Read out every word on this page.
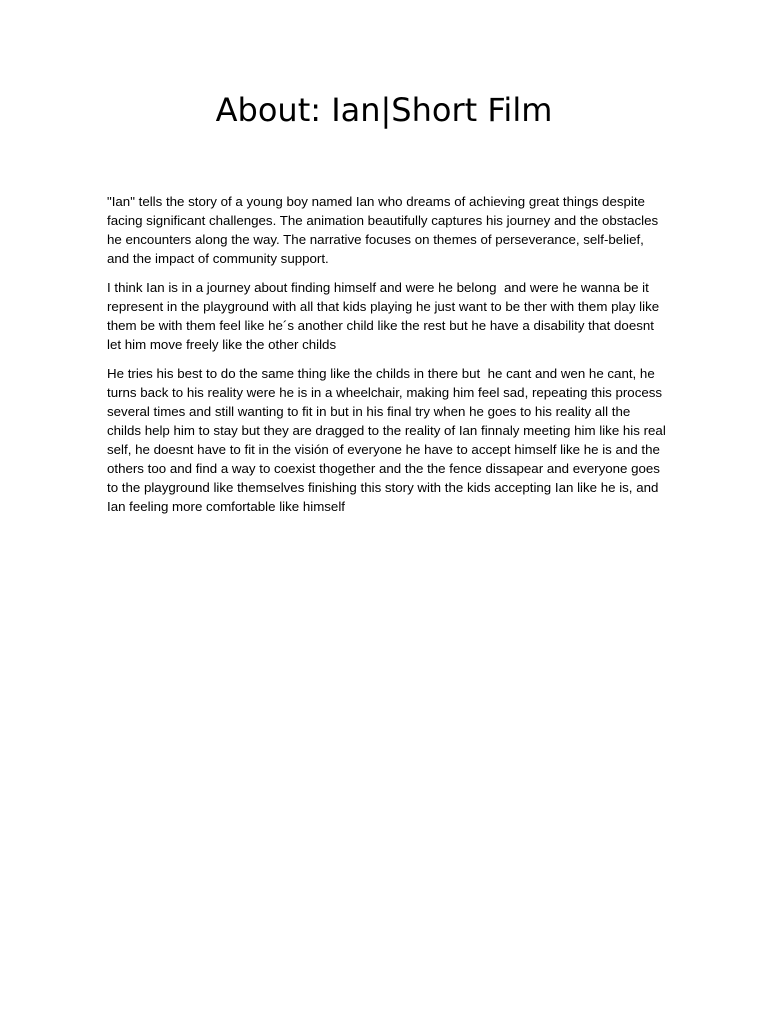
About: Ian|Short Film

"Ian" tells the story of a young boy named Ian who dreams of achieving great things despite facing significant challenges. The animation beautifully captures his journey and the obstacles he encounters along the way. The narrative focuses on themes of perseverance, self-belief, and the impact of community support.

I think Ian is in a journey about finding himself and were he belong  and were he wanna be it represent in the playground with all that kids playing he just want to be ther with them play like them be with them feel like he´s another child like the rest but he have a disability that doesnt let him move freely like the other childs

He tries his best to do the same thing like the childs in there but  he cant and wen he cant, he turns back to his reality were he is in a wheelchair, making him feel sad, repeating this process several times and still wanting to fit in but in his final try when he goes to his reality all the childs help him to stay but they are dragged to the reality of Ian finnaly meeting him like his real self, he doesnt have to fit in the visión of everyone he have to accept himself like he is and the others too and find a way to coexist thogether and the the fence dissapear and everyone goes to the playground like themselves finishing this story with the kids accepting Ian like he is, and Ian feeling more comfortable like himself
